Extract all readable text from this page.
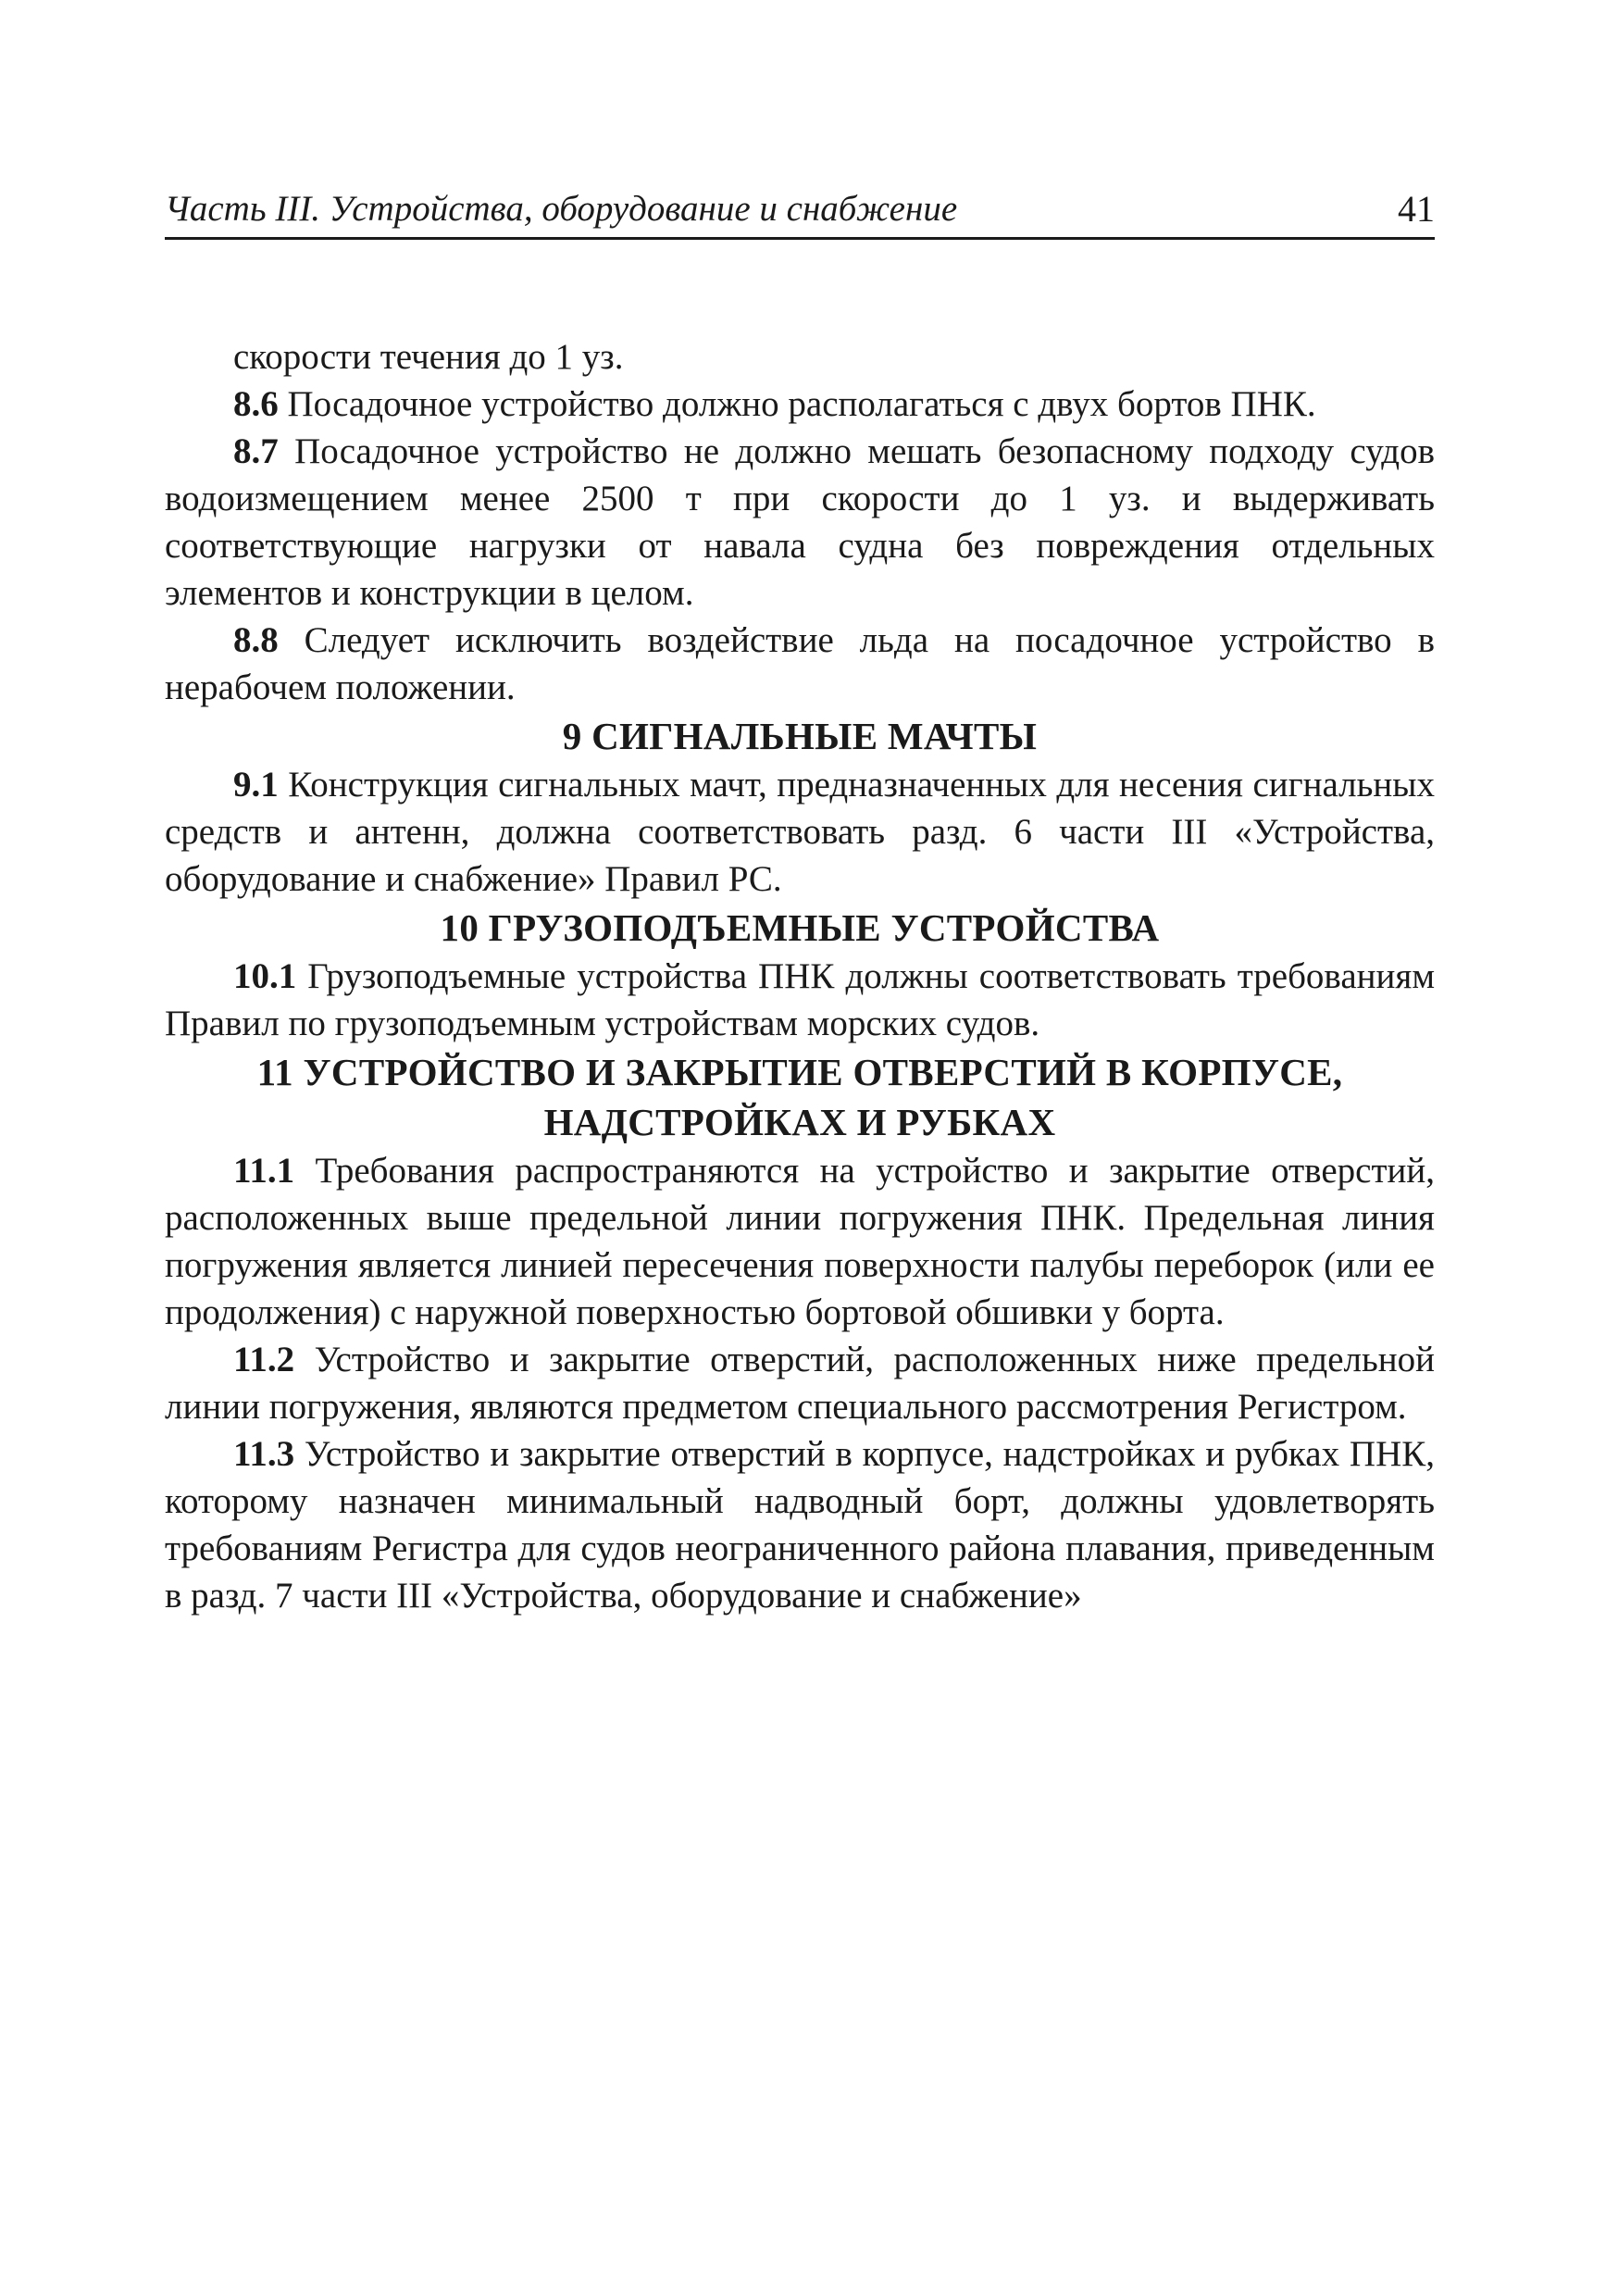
Часть III. Устройства, оборудование и снабжение	41

скорости течения до 1 уз.

8.6 Посадочное устройство должно располагаться с двух бортов ПНК.

8.7 Посадочное устройство не должно мешать безопасному подходу судов водоизмещением менее 2500 т при скорости до 1 уз. и выдерживать соответствующие нагрузки от навала судна без повреждения отдельных элементов и конструкции в целом.

8.8 Следует исключить воздействие льда на посадочное устройство в нерабочем положении.

9 СИГНАЛЬНЫЕ МАЧТЫ

9.1 Конструкция сигнальных мачт, предназначенных для несения сигнальных средств и антенн, должна соответствовать разд. 6 части III «Устройства, оборудование и снабжение» Правил РС.

10 ГРУЗОПОДЪЕМНЫЕ УСТРОЙСТВА

10.1 Грузоподъемные устройства ПНК должны соответствовать требованиям Правил по грузоподъемным устройствам морских судов.

11 УСТРОЙСТВО И ЗАКРЫТИЕ ОТВЕРСТИЙ В КОРПУСЕ,
НАДСТРОЙКАХ И РУБКАХ

11.1 Требования распространяются на устройство и закрытие отверстий, расположенных выше предельной линии погружения ПНК. Предельная линия погружения является линией пересечения поверхности палубы переборок (или ее продолжения) с наружной поверхностью бортовой обшивки у борта.

11.2 Устройство и закрытие отверстий, расположенных ниже предельной линии погружения, являются предметом специального рассмотрения Регистром.

11.3 Устройство и закрытие отверстий в корпусе, надстройках и рубках ПНК, которому назначен минимальный надводный борт, должны удовлетворять требованиям Регистра для судов неограниченного района плавания, приведенным в разд. 7 части III «Устройства, оборудование и снабжение»
